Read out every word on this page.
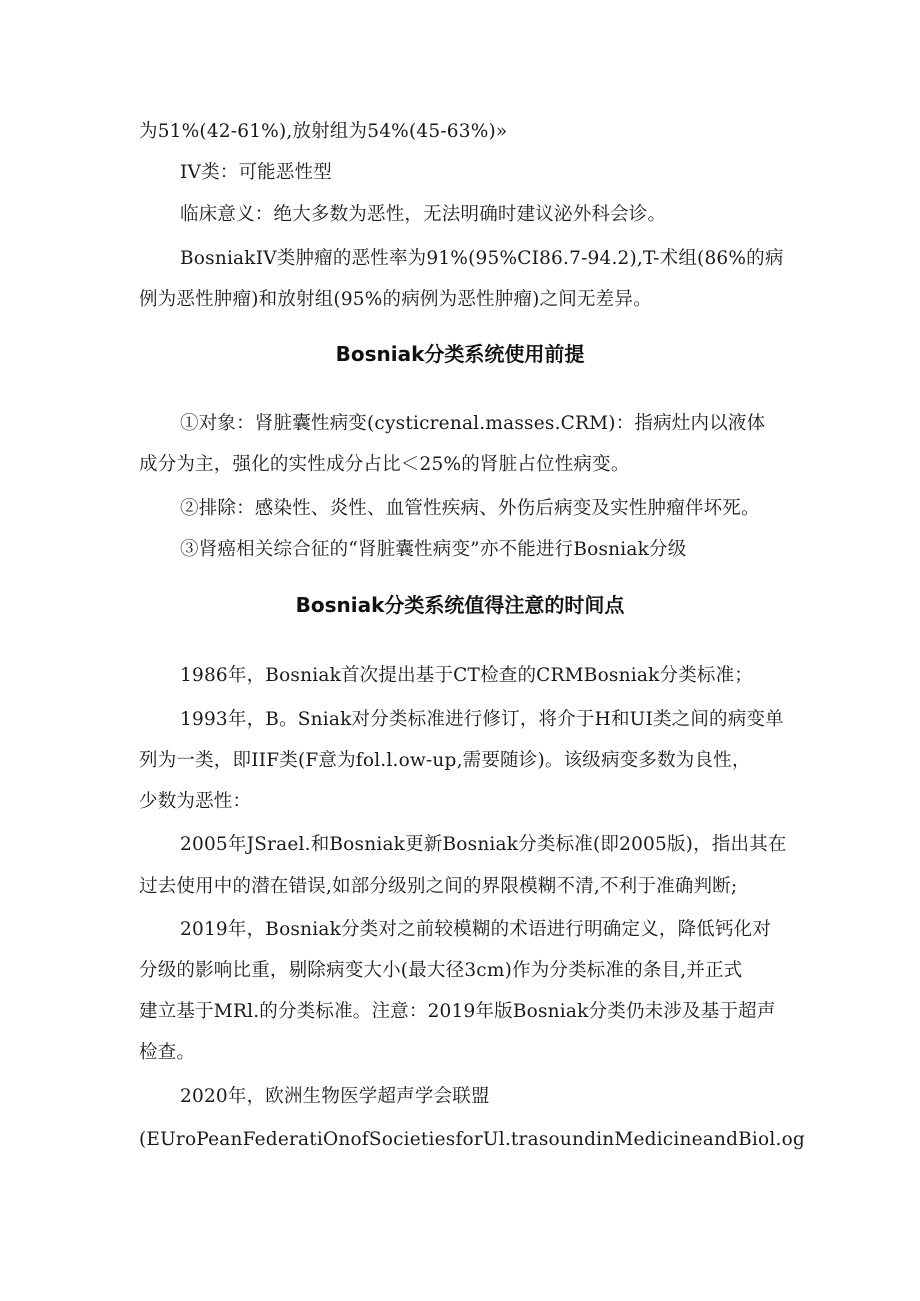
为51%(42-61%),放射组为54%(45-63%)»
IV类：可能恶性型
临床意义：绝大多数为恶性，无法明确时建议泌外科会诊。
BosniakIV类肿瘤的恶性率为91%(95%CI86.7-94.2),T-术组(86%的病
例为恶性肿瘤)和放射组(95%的病例为恶性肿瘤)之间无差异。
Bosniak分类系统使用前提
①对象：肾脏囊性病变(cysticrenal.masses.CRM)：指病灶内以液体
成分为主，强化的实性成分占比＜25%的肾脏占位性病变。
②排除：感染性、炎性、血管性疾病、外伤后病变及实性肿瘤伴坏死。
③肾癌相关综合征的“肾脏囊性病变”亦不能进行Bosniak分级
Bosniak分类系统值得注意的时间点
1986年，Bosniak首次提出基于CT检查的CRMBosniak分类标准；
1993年，B。Sniak对分类标准进行修订，将介于H和UI类之间的病变单
列为一类，即IIF类(F意为fol.l.ow-up,需要随诊)。该级病变多数为良性，
少数为恶性：
2005年JSrael.和Bosniak更新Bosniak分类标准(即2005版)，指出其在
过去使用中的潜在错误,如部分级别之间的界限模糊不清,不利于准确判断;
2019年，Bosniak分类对之前较模糊的术语进行明确定义，降低钙化对
分级的影响比重，剔除病变大小(最大径3cm)作为分类标准的条目,并正式
建立基于MRl.的分类标准。注意：2019年版Bosniak分类仍未涉及基于超声
检查。
2020年，欧洲生物医学超声学会联盟
(EUroPeanFederatiOnofSocietiesforUl.trasoundinMedicineandBiol.og
